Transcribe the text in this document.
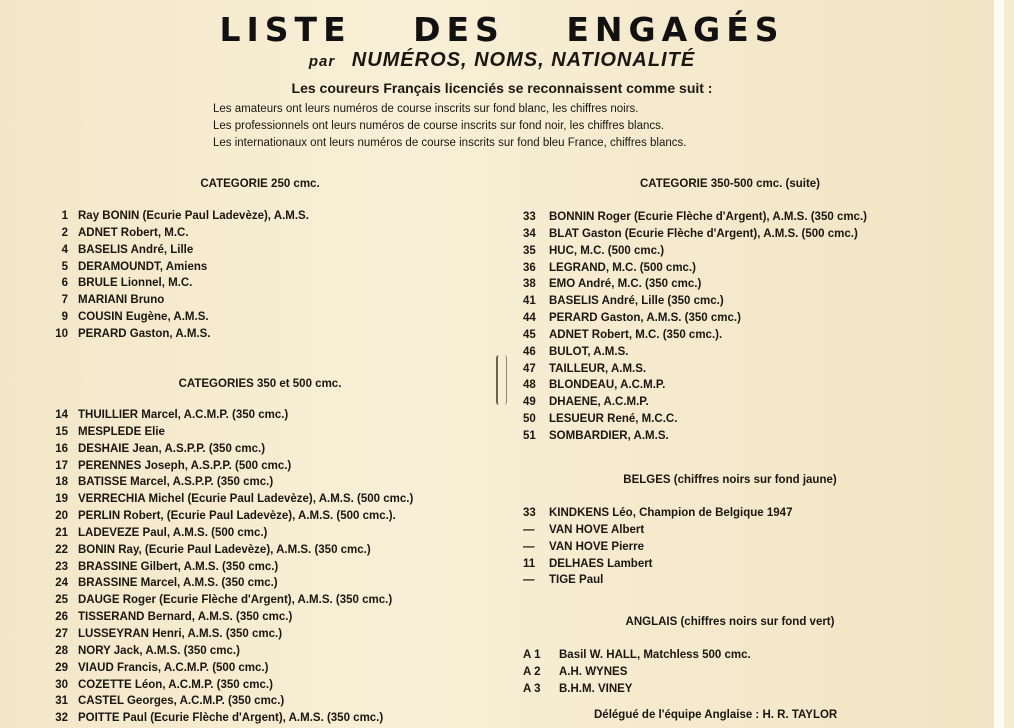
LISTE DES ENGAGÉS
par NUMÉROS, NOMS, NATIONALITÉ
Les coureurs Français licenciés se reconnaissent comme suit :
Les amateurs ont leurs numéros de course inscrits sur fond blanc, les chiffres noirs.
Les professionnels ont leurs numéros de course inscrits sur fond noir, les chiffres blancs.
Les internationaux ont leurs numéros de course inscrits sur fond bleu France, chiffres blancs.
CATEGORIE 250 cmc.
1 Ray BONIN (Ecurie Paul Ladevèze), A.M.S.
2 ADNET Robert, M.C.
4 BASELIS André, Lille
5 DERAMOUNDT, Amiens
6 BRULE Lionnel, M.C.
7 MARIANI Bruno
9 COUSIN Eugène, A.M.S.
10 PERARD Gaston, A.M.S.
CATEGORIES 350 et 500 cmc.
14 THUILLIER Marcel, A.C.M.P. (350 cmc.)
15 MESPLEDE Elie
16 DESHAIE Jean, A.S.P.P. (350 cmc.)
17 PERENNES Joseph, A.S.P.P. (500 cmc.)
18 BATISSE Marcel, A.S.P.P. (350 cmc.)
19 VERRECHIA Michel (Ecurie Paul Ladevèze), A.M.S. (500 cmc.)
20 PERLIN Robert, (Ecurie Paul Ladevèze), A.M.S. (500 cmc.).
21 LADEVEZE Paul, A.M.S. (500 cmc.)
22 BONIN Ray, (Ecurie Paul Ladevèze), A.M.S. (350 cmc.)
23 BRASSINE Gilbert, A.M.S. (350 cmc.)
24 BRASSINE Marcel, A.M.S. (350 cmc.)
25 DAUGE Roger (Ecurie Flèche d'Argent), A.M.S. (350 cmc.)
26 TISSERAND Bernard, A.M.S. (350 cmc.)
27 LUSSEYRAN Henri, A.M.S. (350 cmc.)
28 NORY Jack, A.M.S. (350 cmc.)
29 VIAUD Francis, A.C.M.P. (500 cmc.)
30 COZETTE Léon, A.C.M.P. (350 cmc.)
31 CASTEL Georges, A.C.M.P. (350 cmc.)
32 POITTE Paul (Ecurie Flèche d'Argent), A.M.S. (350 cmc.)
CATEGORIE 350-500 cmc. (suite)
33	BONNIN Roger (Ecurie Flèche d'Argent), A.M.S. (350 cmc.)
34	BLAT Gaston (Ecurie Flèche d'Argent), A.M.S. (500 cmc.)
35	HUC, M.C. (500 cmc.)
36	LEGRAND, M.C. (500 cmc.)
38	EMO André, M.C. (350 cmc.)
41	BASELIS André, Lille (350 cmc.)
44	PERARD Gaston, A.M.S. (350 cmc.)
45	ADNET Robert, M.C. (350 cmc.).
46	BULOT, A.M.S.
47	TAILLEUR, A.M.S.
48	BLONDEAU, A.C.M.P.
49	DHAENE, A.C.M.P.
50	LESUEUR René, M.C.C.
51	SOMBARDIER, A.M.S.
BELGES (chiffres noirs sur fond jaune)
33	KINDKENS Léo, Champion de Belgique 1947
—	VAN HOVE Albert
—	VAN HOVE Pierre
11	DELHAES Lambert
—	TIGE Paul
ANGLAIS (chiffres noirs sur fond vert)
A 1	Basil W. HALL, Matchless 500 cmc.
A 2	A.H. WYNES
A 3	B.H.M. VINEY
Délégué de l'équipe Anglaise : H. R. TAYLOR
